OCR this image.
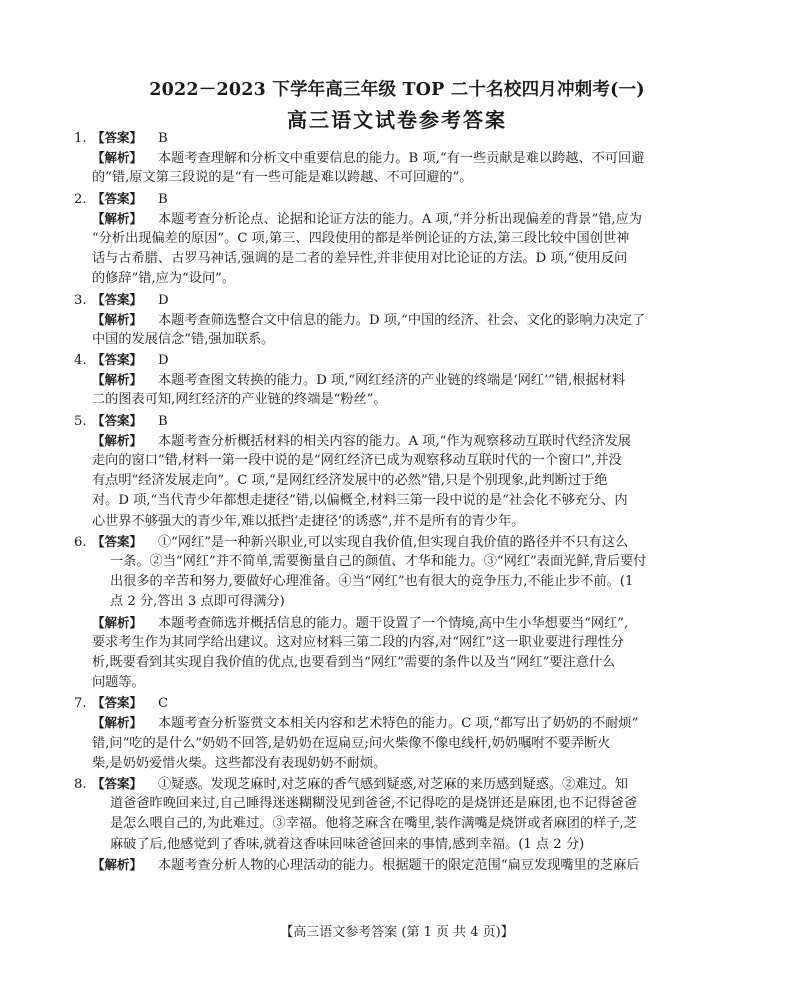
2022－2023 下学年高三年级 TOP 二十名校四月冲刺考(一)
高三语文试卷参考答案
1. 【答案】 B
【解析】 本题考查理解和分析文中重要信息的能力。B 项,“有一些贡献是难以跨越、不可回避
的”错,原文第三段说的是“有一些可能是难以跨越、不可回避的”。
2. 【答案】 B
【解析】 本题考查分析论点、论据和论证方法的能力。A 项,“并分析出现偏差的背景”错,应为
“分析出现偏差的原因”。C 项,第三、四段使用的都是举例论证的方法,第三段比较中国创世神
话与古希腊、古罗马神话,强调的是二者的差异性,并非使用对比论证的方法。D 项,“使用反问
的修辞”错,应为“设问”。
3. 【答案】 D
【解析】 本题考查筛选整合文中信息的能力。D 项,“中国的经济、社会、文化的影响力决定了
中国的发展信念”错,强加联系。
4. 【答案】 D
【解析】 本题考查图文转换的能力。D 项,“网红经济的产业链的终端是‘网红’”错,根据材料
二的图表可知,网红经济的产业链的终端是“粉丝”。
5. 【答案】 B
【解析】 本题考查分析概括材料的相关内容的能力。A 项,“作为观察移动互联时代经济发展
走向的窗口”错,材料一第一段中说的是“网红经济已成为观察移动互联时代的一个窗口”,并没
有点明“经济发展走向”。C 项,“是网红经济发展中的必然”错,只是个别现象,此判断过于绝
对。D 项,“当代青少年都想走捷径”错,以偏概全,材料三第一段中说的是“社会化不够充分、内
心世界不够强大的青少年,难以抵挡‘走捷径’的诱惑”,并不是所有的青少年。
6. 【答案】 ①“网红”是一种新兴职业,可以实现自我价值,但实现自我价值的路径并不只有这么
一条。②当“网红”并不简单,需要衡量自己的颜值、才华和能力。③“网红”表面光鲜,背后要付
出很多的辛苦和努力,要做好心理准备。④当“网红”也有很大的竞争压力,不能止步不前。(1
点 2 分,答出 3 点即可得满分)
【解析】 本题考查筛选并概括信息的能力。题干设置了一个情境,高中生小华想要当“网红”,
要求考生作为其同学给出建议。这对应材料三第二段的内容,对“网红”这一职业要进行理性分
析,既要看到其实现自我价值的优点,也要看到当“网红”需要的条件以及当“网红”要注意什么
问题等。
7. 【答案】 C
【解析】 本题考查分析鉴赏文本相关内容和艺术特色的能力。C 项,“都写出了奶奶的不耐烦”
错,问“吃的是什么”奶奶不回答,是奶奶在逗扁豆;问火柴像不像电线杆,奶奶嘱咐不要弄断火
柴,是奶奶爱惜火柴。这些都没有表现奶奶不耐烦。
8. 【答案】 ①疑惑。发现芝麻时,对芝麻的香气感到疑惑,对芝麻的来历感到疑惑。②难过。知
道爸爸昨晚回来过,自己睡得迷迷糊糊没见到爸爸,不记得吃的是烧饼还是麻团,也不记得爸爸
是怎么喂自己的,为此难过。③幸福。他将芝麻含在嘴里,装作满嘴是烧饼或者麻团的样子,芝
麻破了后,他感觉到了香味,就着这香味回味爸爸回来的事情,感到幸福。(1 点 2 分)
【解析】 本题考查分析人物的心理活动的能力。根据题干的限定范围“扁豆发现嘴里的芝麻后
【高三语文参考答案 (第 1 页 共 4 页)】
